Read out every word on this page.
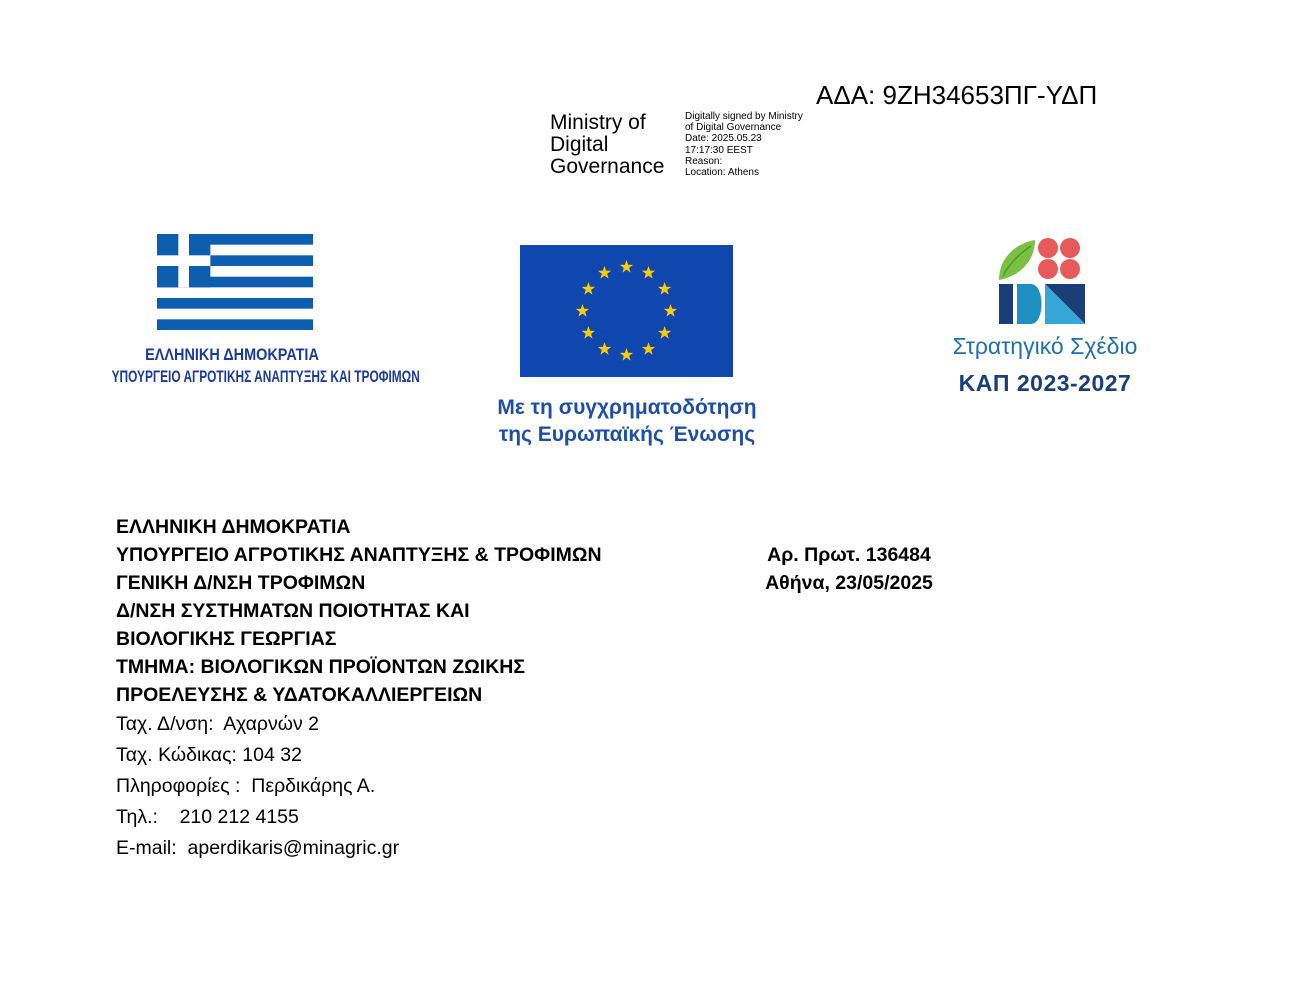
ΑΔΑ: 9ΖΗ34653ΠΓ-ΥΔΠ
Ministry of
Digital
Governance
Digitally signed by Ministry
of Digital Governance
Date: 2025.05.23
17:17:30 EEST
Reason:
Location: Athens
ΕΛΛΗΝΙΚΗ ΔΗΜΟΚΡΑΤΙΑ
ΥΠΟΥΡΓΕΙΟ ΑΓΡΟΤΙΚΗΣ ΑΝΑΠΤΥΞΗΣ ΚΑΙ ΤΡΟΦΙΜΩΝ
Με τη συγχρηματοδότηση
της Ευρωπαϊκής Ένωσης
Στρατηγικό Σχέδιο
ΚΑΠ 2023-2027
ΕΛΛΗΝΙΚΗ ΔΗΜΟΚΡΑΤΙΑ
ΥΠΟΥΡΓΕΙΟ ΑΓΡΟΤΙΚΗΣ ΑΝΑΠΤΥΞΗΣ & ΤΡΟΦΙΜΩΝ
ΓΕΝΙΚΗ Δ/ΝΣΗ ΤΡΟΦΙΜΩΝ
Δ/ΝΣΗ ΣΥΣΤΗΜΑΤΩΝ ΠΟΙΟΤΗΤΑΣ ΚΑΙ
ΒΙΟΛΟΓΙΚΗΣ ΓΕΩΡΓΙΑΣ
ΤΜΗΜΑ: ΒΙΟΛΟΓΙΚΩΝ ΠΡΟΪΟΝΤΩΝ ΖΩΙΚΗΣ
ΠΡΟΕΛΕΥΣΗΣ & ΥΔΑΤΟΚΑΛΛΙΕΡΓΕΙΩΝ
Ταχ. Δ/νση:  Αχαρνών 2
Ταχ. Κώδικας: 104 32
Πληροφορίες :  Περδικάρης Α.
Τηλ.:    210 212 4155
E-mail:  aperdikaris@minagric.gr
Αρ. Πρωτ. 136484
Αθήνα, 23/05/2025
